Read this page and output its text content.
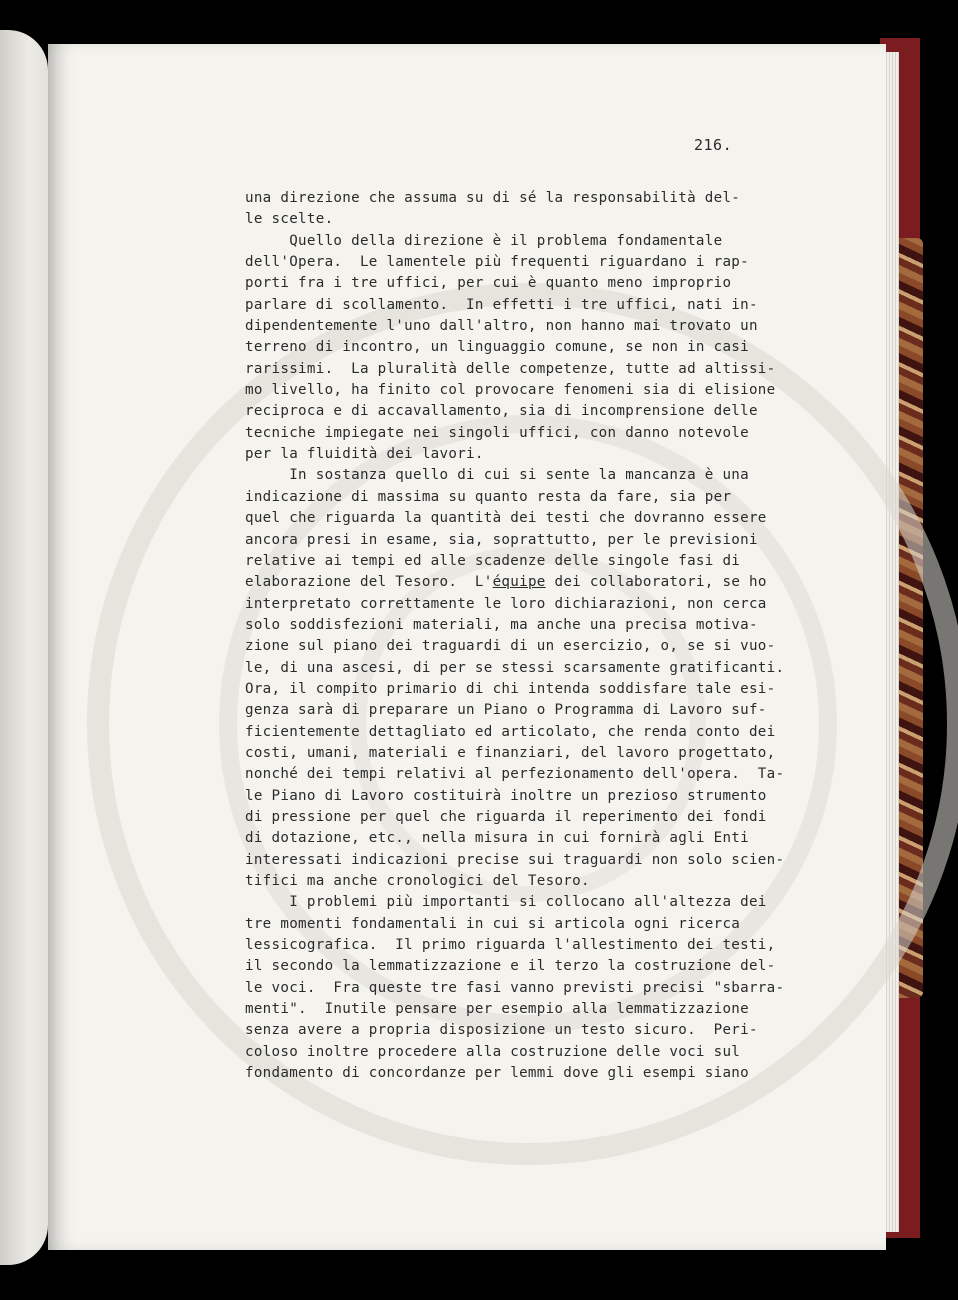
216.
una direzione che assuma su di sé la responsabilità del-
le scelte.
Quello della direzione è il problema fondamentale
dell'Opera.  Le lamentele più frequenti riguardano i rap-
porti fra i tre uffici, per cui è quanto meno improprio
parlare di scollamento.  In effetti i tre uffici, nati in-
dipendentemente l'uno dall'altro, non hanno mai trovato un
terreno di incontro, un linguaggio comune, se non in casi
rarissimi.  La pluralità delle competenze, tutte ad altissi-
mo livello, ha finito col provocare fenomeni sia di elisione
reciproca e di accavallamento, sia di incomprensione delle
tecniche impiegate nei singoli uffici, con danno notevole
per la fluidità dei lavori.
In sostanza quello di cui si sente la mancanza è una
indicazione di massima su quanto resta da fare, sia per
quel che riguarda la quantità dei testi che dovranno essere
ancora presi in esame, sia, soprattutto, per le previsioni
relative ai tempi ed alle scadenze delle singole fasi di
elaborazione del Tesoro.  L'équipe dei collaboratori, se ho
interpretato correttamente le loro dichiarazioni, non cerca
solo soddisfezioni materiali, ma anche una precisa motiva-
zione sul piano dei traguardi di un esercizio, o, se si vuo-
le, di una ascesi, di per se stessi scarsamente gratificanti.
Ora, il compito primario di chi intenda soddisfare tale esi-
genza sarà di preparare un Piano o Programma di Lavoro suf-
ficientemente dettagliato ed articolato, che renda conto dei
costi, umani, materiali e finanziari, del lavoro progettato,
nonché dei tempi relativi al perfezionamento dell'opera.  Ta-
le Piano di Lavoro costituirà inoltre un prezioso strumento
di pressione per quel che riguarda il reperimento dei fondi
di dotazione, etc., nella misura in cui fornirà agli Enti
interessati indicazioni precise sui traguardi non solo scien-
tifici ma anche cronologici del Tesoro.
I problemi più importanti si collocano all'altezza dei
tre momenti fondamentali in cui si articola ogni ricerca
lessicografica.  Il primo riguarda l'allestimento dei testi,
il secondo la lemmatizzazione e il terzo la costruzione del-
le voci.  Fra queste tre fasi vanno previsti precisi "sbarra-
menti".  Inutile pensare per esempio alla lemmatizzazione
senza avere a propria disposizione un testo sicuro.  Peri-
coloso inoltre procedere alla costruzione delle voci sul
fondamento di concordanze per lemmi dove gli esempi siano
